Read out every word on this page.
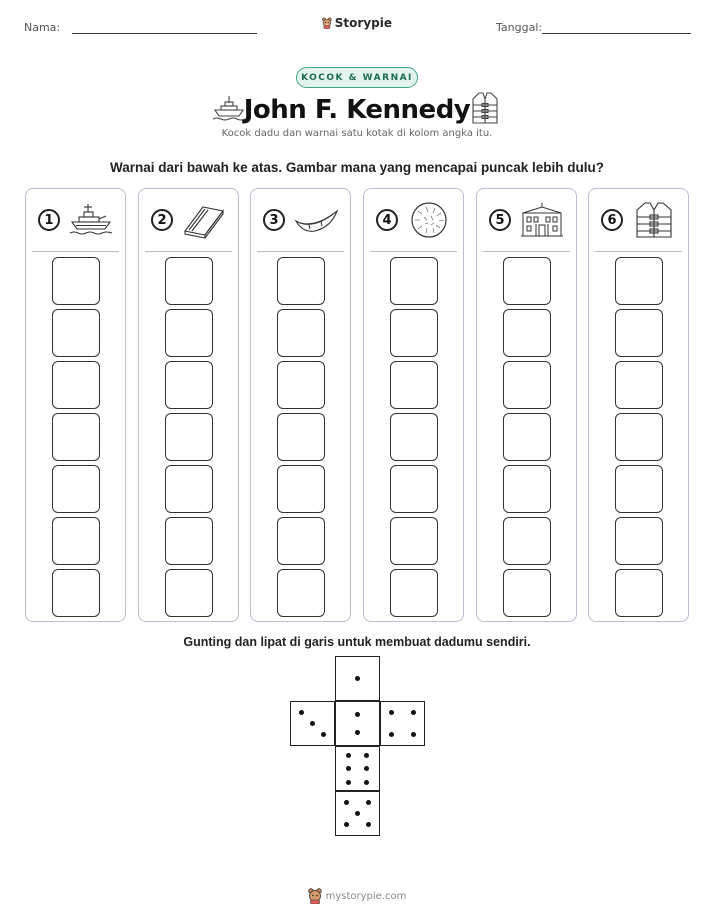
Nama:	Storypie	Tanggal:
KOCOK & WARNAI
John F. Kennedy
Kocok dadu dan warnai satu kotak di kolom angka itu.
Warnai dari bawah ke atas. Gambar mana yang mencapai puncak lebih dulu?
1	2	3	4	5	6
Gunting dan lipat di garis untuk membuat dadumu sendiri.
mystorypie.com
